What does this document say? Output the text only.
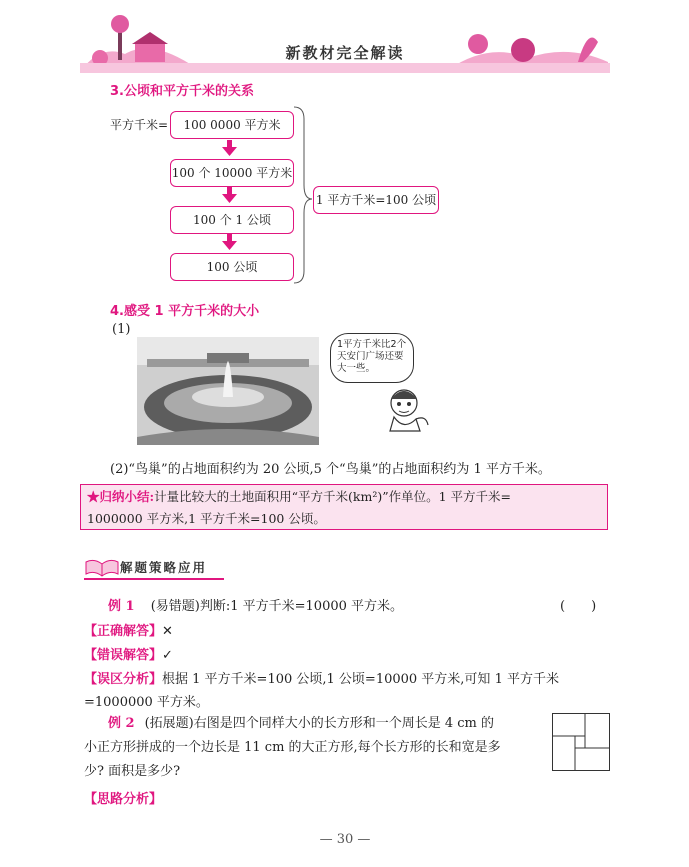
新教材完全解读
3.公顷和平方千米的关系
平方千米=	100 0000 平方米
100 个 10000 平方米
100 个 1 公顷
100 公顷
1 平方千米=100 公顷
4.感受 1 平方千米的大小
(1)
1平方千米比2个天安门广场还要大一些。
(2)“鸟巢”的占地面积约为 20 公顷,5 个“鸟巢”的占地面积约为 1 平方千米。
★归纳小结:计量比较大的土地面积用“平方千米(km²)”作单位。1 平方千米=
1000000 平方米,1 平方千米=100 公顷。
解题策略应用
例 1 (易错题)判断:1 平方千米=10000 平方米。	(　　)
【正确解答】✕
【错误解答】✓
【误区分析】根据 1 平方千米=100 公顷,1 公顷=10000 平方米,可知 1 平方千米
=1000000 平方米。
例 2 (拓展题)右图是四个同样大小的长方形和一个周长是 4 cm 的
小正方形拼成的一个边长是 11 cm 的大正方形,每个长方形的长和宽是多
少? 面积是多少?
【思路分析】
— 30 —
